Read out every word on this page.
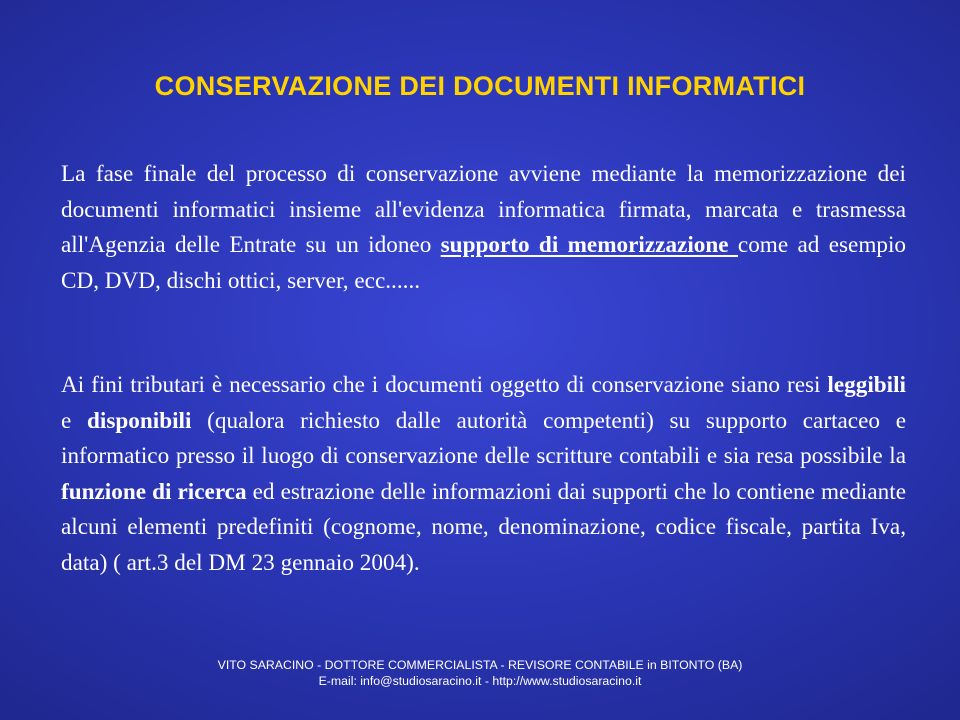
CONSERVAZIONE DEI DOCUMENTI INFORMATICI
La fase finale del processo di conservazione avviene mediante la memorizzazione dei documenti informatici insieme all'evidenza informatica firmata, marcata e trasmessa all'Agenzia delle Entrate su un idoneo supporto di memorizzazione come ad esempio CD, DVD, dischi ottici, server, ecc......
Ai fini tributari è necessario che i documenti oggetto di conservazione siano resi leggibili e disponibili (qualora richiesto dalle autorità competenti) su supporto cartaceo e informatico presso il luogo di conservazione delle scritture contabili e sia resa possibile la funzione di ricerca ed estrazione delle informazioni dai supporti che lo contiene mediante alcuni elementi predefiniti (cognome, nome, denominazione, codice fiscale, partita Iva, data) ( art.3 del DM 23 gennaio 2004).
VITO SARACINO - DOTTORE COMMERCIALISTA - REVISORE CONTABILE in BITONTO (BA)
E-mail: info@studiosaracino.it - http://www.studiosaracino.it
